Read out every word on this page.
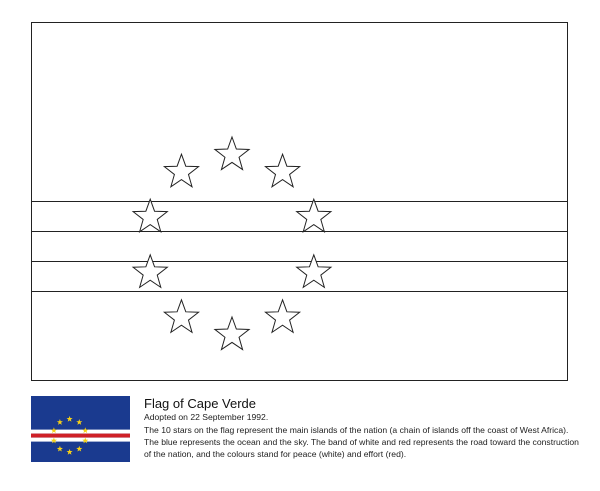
Flag of Cape Verde
Adopted on 22 September 1992.
The 10 stars on the flag represent the main islands of the nation (a chain of islands off the coast of West Africa). The blue represents the ocean and the sky. The band of white and red represents the road toward the construction of the nation, and the colours stand for peace (white) and effort (red).
